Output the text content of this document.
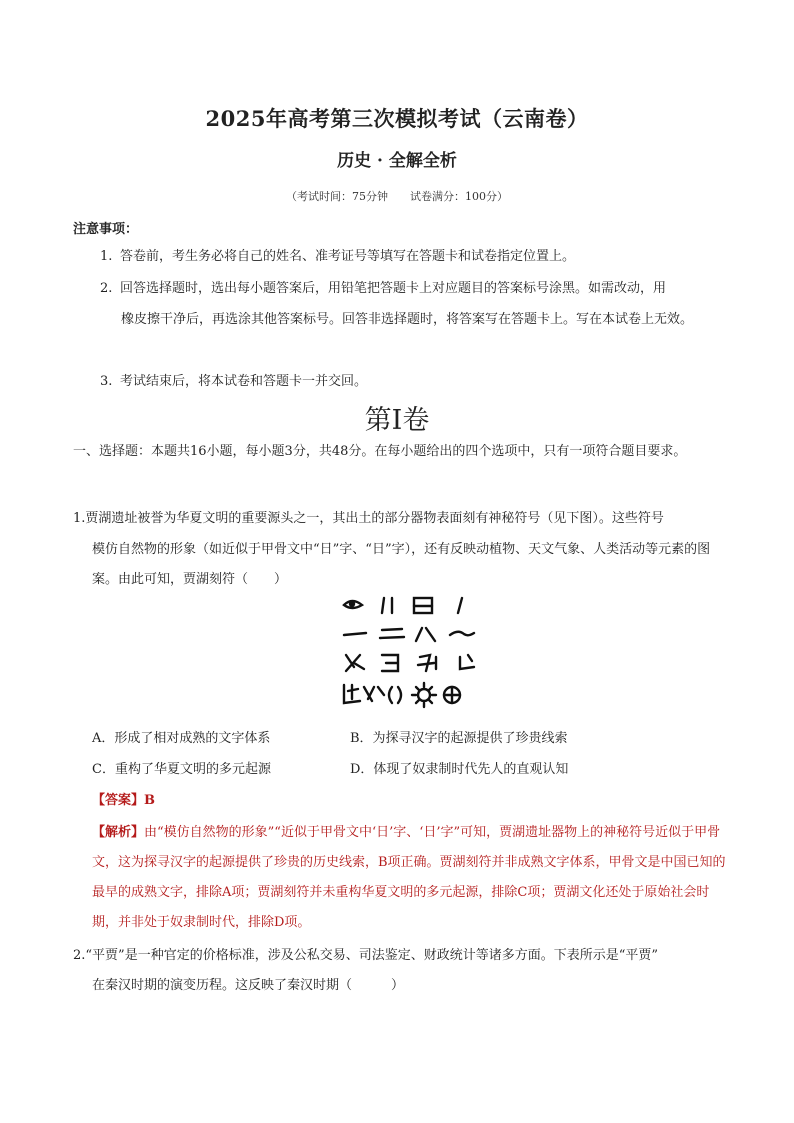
2025年高考第三次模拟考试（云南卷）
历史 · 全解全析
（考试时间：75分钟　　试卷满分：100分）
注意事项：
1. 答卷前，考生务必将自己的姓名、准考证号等填写在答题卡和试卷指定位置上。
2. 回答选择题时，选出每小题答案后，用铅笔把答题卡上对应题目的答案标号涂黑。如需改动，用
橡皮擦干净后，再选涂其他答案标号。回答非选择题时，将答案写在答题卡上。写在本试卷上无效。
3. 考试结束后，将本试卷和答题卡一并交回。
第Ⅰ卷
一、选择题：本题共16小题，每小题3分，共48分。在每小题给出的四个选项中，只有一项符合题目要求。
1.贾湖遗址被誉为华夏文明的重要源头之一，其出土的部分器物表面刻有神秘符号（见下图）。这些符号
模仿自然物的形象（如近似于甲骨文中“日”字、“日”字），还有反映动植物、天文气象、人类活动等元素的图案。由此可知，贾湖刻符（　　）
A．形成了相对成熟的文字体系	B．为探寻汉字的起源提供了珍贵线索
C．重构了华夏文明的多元起源	D．体现了奴隶制时代先人的直观认知
【答案】B
【解析】由“模仿自然物的形象”“近似于甲骨文中‘日’字、‘日’字”可知，贾湖遗址器物上的神秘符号近似于甲骨文，这为探寻汉字的起源提供了珍贵的历史线索，B项正确。贾湖刻符并非成熟文字体系，甲骨文是中国已知的最早的成熟文字，排除A项；贾湖刻符并未重构华夏文明的多元起源，排除C项；贾湖文化还处于原始社会时期，并非处于奴隶制时代，排除D项。
2.“平贾”是一种官定的价格标准，涉及公私交易、司法鉴定、财政统计等诸多方面。下表所示是“平贾”
在秦汉时期的演变历程。这反映了秦汉时期（　　　）
